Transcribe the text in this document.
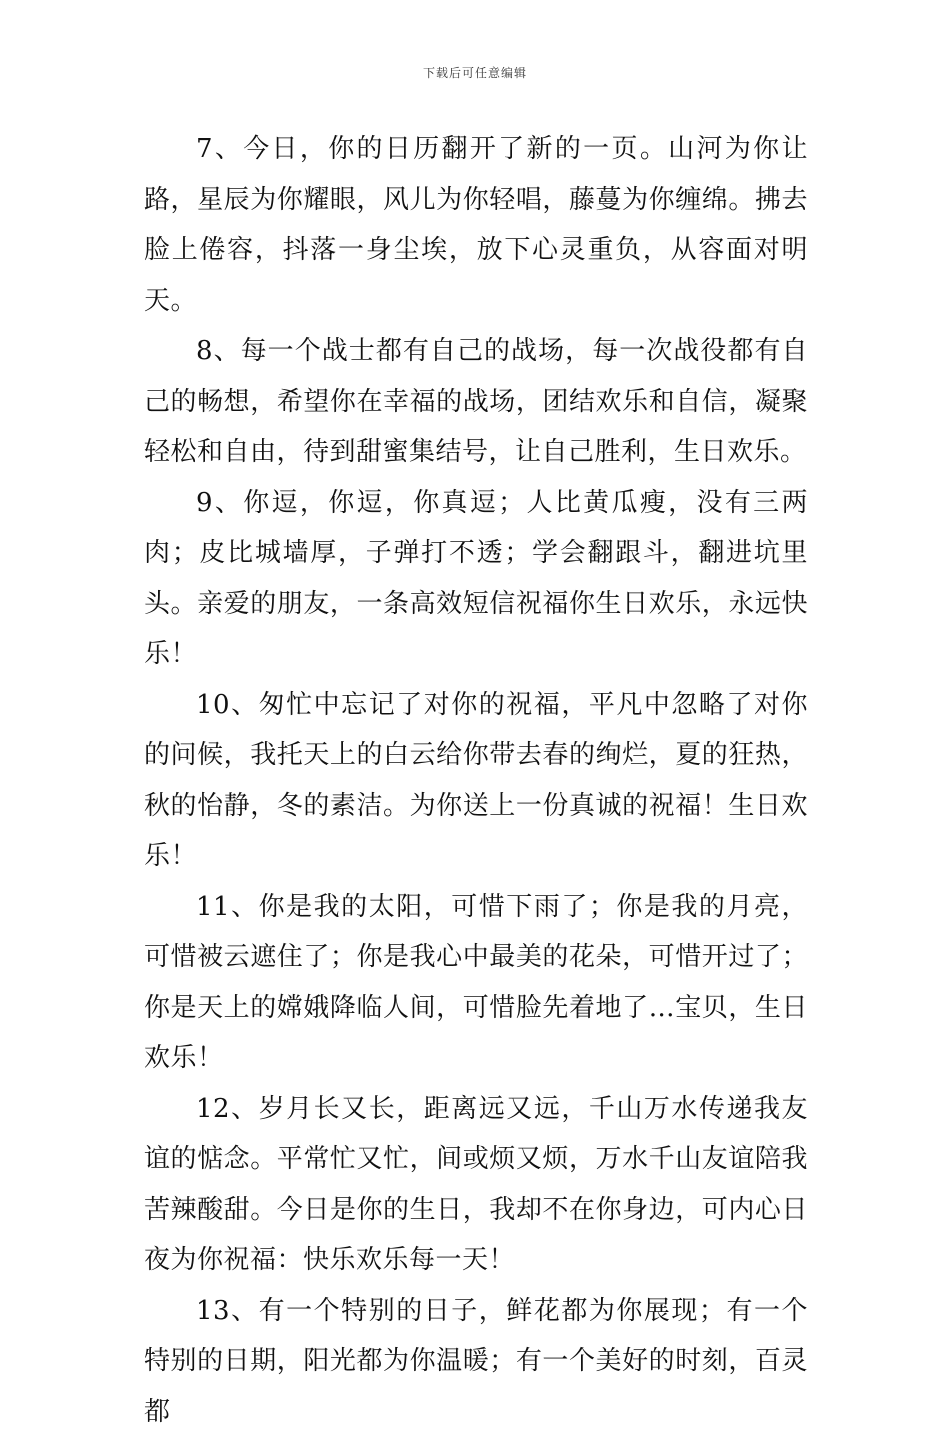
下载后可任意编辑

7、今日，你的日历翻开了新的一页。山河为你让路，星辰为你耀眼，风儿为你轻唱，藤蔓为你缠绵。拂去脸上倦容，抖落一身尘埃，放下心灵重负，从容面对明天。

8、每一个战士都有自己的战场，每一次战役都有自己的畅想，希望你在幸福的战场，团结欢乐和自信，凝聚轻松和自由，待到甜蜜集结号，让自己胜利，生日欢乐。

9、你逗，你逗，你真逗；人比黄瓜瘦，没有三两肉；皮比城墙厚，子弹打不透；学会翻跟斗，翻进坑里头。亲爱的朋友，一条高效短信祝福你生日欢乐，永远快乐！

10、匆忙中忘记了对你的祝福，平凡中忽略了对你的问候，我托天上的白云给你带去春的绚烂，夏的狂热，秋的怡静，冬的素洁。为你送上一份真诚的祝福！生日欢乐！

11、你是我的太阳，可惜下雨了；你是我的月亮，可惜被云遮住了；你是我心中最美的花朵，可惜开过了；你是天上的嫦娥降临人间，可惜脸先着地了…宝贝，生日欢乐！

12、岁月长又长，距离远又远，千山万水传递我友谊的惦念。平常忙又忙，间或烦又烦，万水千山友谊陪我苦辣酸甜。今日是你的生日，我却不在你身边，可内心日夜为你祝福：快乐欢乐每一天！

13、有一个特别的日子，鲜花都为你展现；有一个特别的日期，阳光都为你温暖；有一个美好的时刻，百灵都
